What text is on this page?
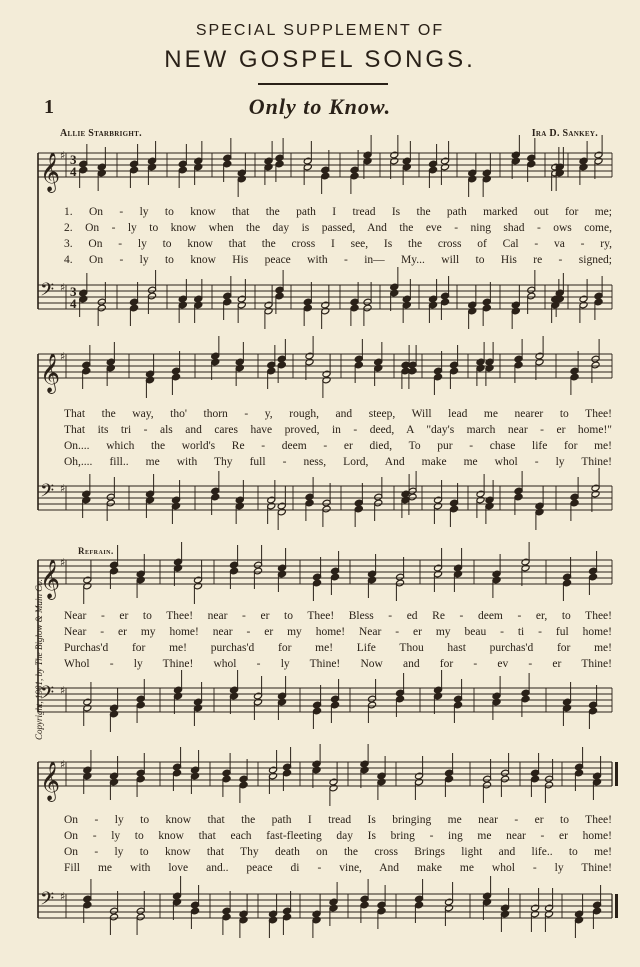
SPECIAL SUPPLEMENT OF
NEW GOSPEL SONGS.
1	Only to Know.
Allie Starbright.	Ira D. Sankey.
Copyright, 1901, by The Biglow & Main Co.
Refrain.
𝄞 ♯
𝄢 ♯
3
4
3
4
𝄞 ♯
𝄢 ♯
𝄞 ♯
𝄢 ♯
𝄞 ♯
𝄢 ♯
1. On - ly to know that the path I tread Is the path marked out for me;
2. On - ly to know when the day is passed, And the eve - ning shad - ows come,
3. On - ly to know that the cross I see, Is the cross of Cal - va - ry,
4. On - ly to know His peace with - in— My... will to His re - signed;
That the way, tho' thorn - y, rough, and steep, Will lead me nearer to Thee!
That its tri - als and cares have proved, in - deed, A "day's march near - er home!"
On.... which the world's Re - deem - er died, To pur - chase life for me!
Oh,.... fill.. me with Thy full - ness, Lord, And make me whol - ly Thine!
Near - er to Thee! near - er to Thee! Bless - ed Re - deem - er, to Thee!
Near - er my home! near - er my home! Near - er my beau - ti - ful home!
Purchas'd for me! purchas'd for me! Life Thou hast purchas'd for me!
Whol - ly Thine! whol - ly Thine! Now and for - ev - er Thine!
On - ly to know that the path I tread Is bringing me near - er to Thee!
On - ly to know that each fast-fleeting day Is bring - ing me near - er home!
On - ly to know that Thy death on the cross Brings light and life.. to me!
Fill me with love and.. peace di - vine, And make me whol - ly Thine!
